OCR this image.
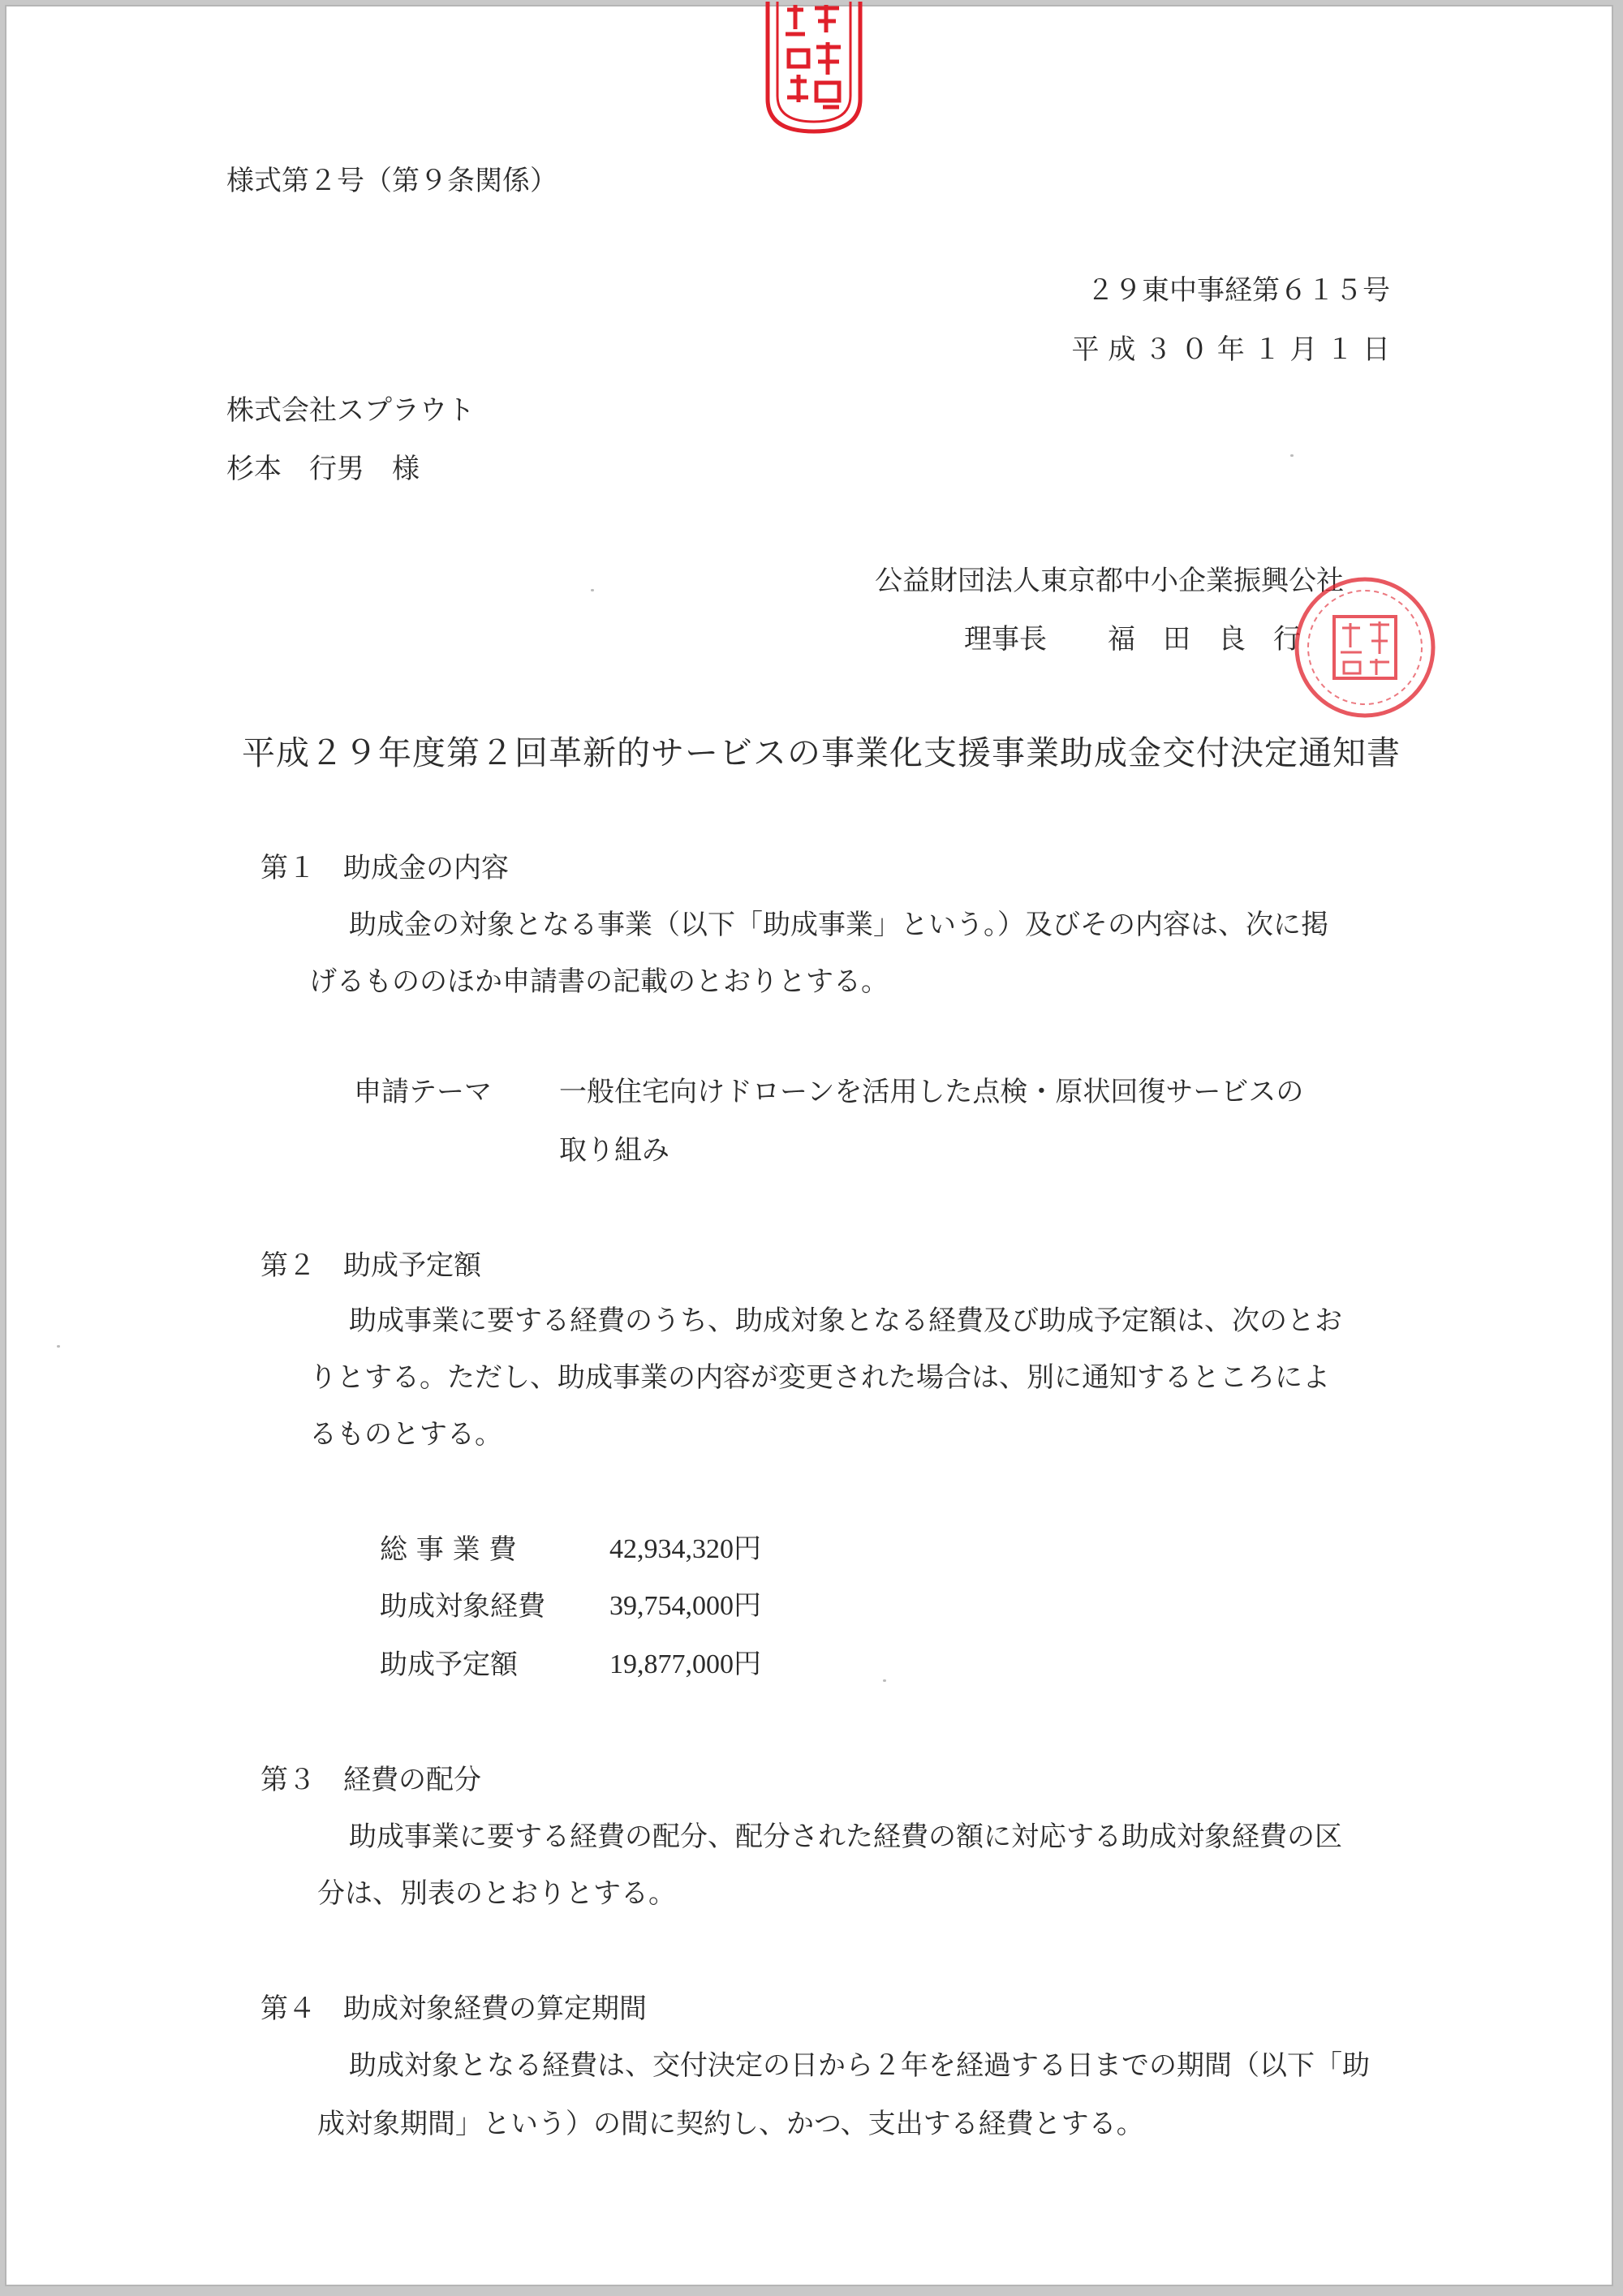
様式第２号（第９条関係）
２９東中事経第６１５号
平 成 ３ ０ 年 １ 月 １ 日
株式会社スプラウト
杉本　行男　様
公益財団法人東京都中小企業振興公社
理事長 福　田　良　行
平成２９年度第２回革新的サービスの事業化支援事業助成金交付決定通知書
第１　助成金の内容
助成金の対象となる事業（以下「助成事業」という。）及びその内容は、次に掲
げるもののほか申請書の記載のとおりとする。
申請テーマ 一般住宅向けドローンを活用した点検・原状回復サービスの
取り組み
第２　助成予定額
助成事業に要する経費のうち、助成対象となる経費及び助成予定額は、次のとお
りとする。ただし、助成事業の内容が変更された場合は、別に通知するところによ
るものとする。
総 事 業 費	42,934,320円
助成対象経費 39,754,000円
助成予定額	19,877,000円
第３　経費の配分
助成事業に要する経費の配分、配分された経費の額に対応する助成対象経費の区
分は、別表のとおりとする。
第４　助成対象経費の算定期間
助成対象となる経費は、交付決定の日から２年を経過する日までの期間（以下「助
成対象期間」という）の間に契約し、かつ、支出する経費とする。
